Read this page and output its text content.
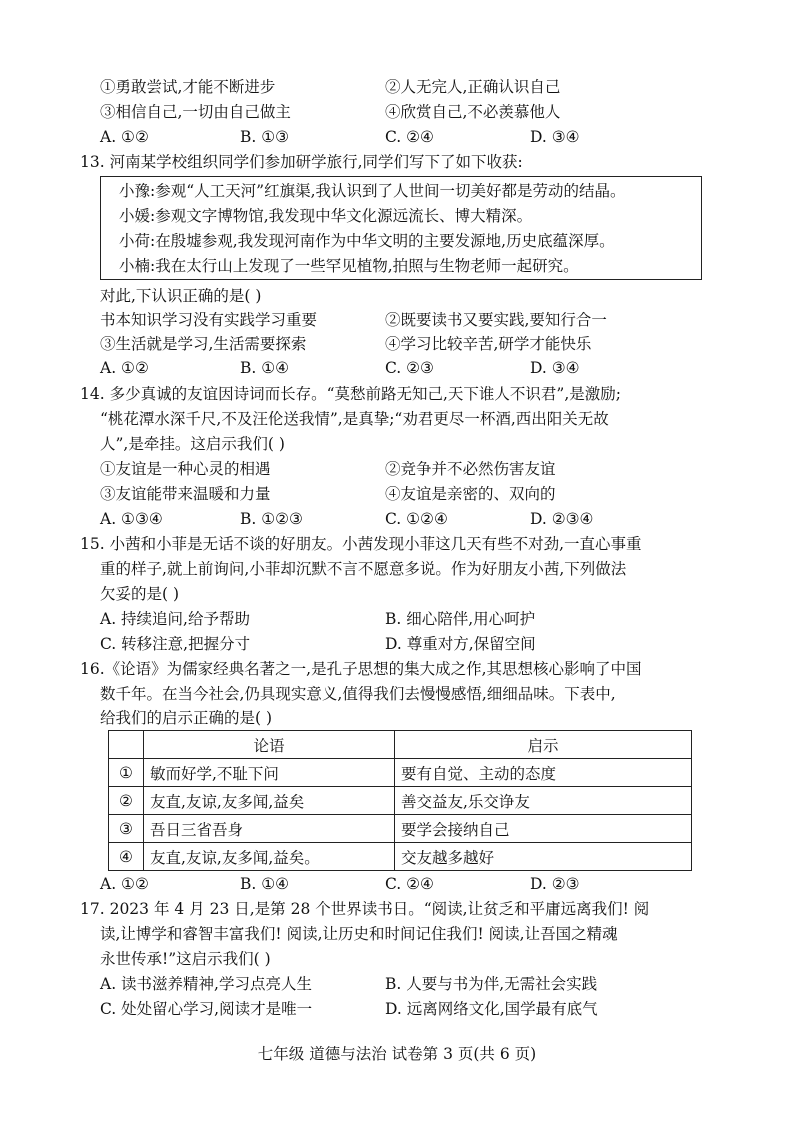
①勇敢尝试,才能不断进步	②人无完人,正确认识自己
③相信自己,一切由自己做主	④欣赏自己,不必羡慕他人
A. ①②	B. ①③	C. ②④	D. ③④
13. 河南某学校组织同学们参加研学旅行,同学们写下了如下收获:
小豫:参观“人工天河”红旗渠,我认识到了人世间一切美好都是劳动的结晶。
小媛:参观文字博物馆,我发现中华文化源远流长、博大精深。
小荷:在殷墟参观,我发现河南作为中华文明的主要发源地,历史底蕴深厚。
小楠:我在太行山上发现了一些罕见植物,拍照与生物老师一起研究。
对此,下认识正确的是( )
书本知识学习没有实践学习重要	②既要读书又要实践,要知行合一
③生活就是学习,生活需要探索	④学习比较辛苦,研学才能快乐
A. ①②	B. ①④	C. ②③	D. ③④
14. 多少真诚的友谊因诗词而长存。“莫愁前路无知己,天下谁人不识君”,是激励;
“桃花潭水深千尺,不及汪伦送我情”,是真挚;“劝君更尽一杯酒,西出阳关无故
人”,是牵挂。这启示我们( )
①友谊是一种心灵的相遇	②竞争并不必然伤害友谊
③友谊能带来温暖和力量	④友谊是亲密的、双向的
A. ①③④	B. ①②③	C. ①②④	D. ②③④
15. 小茜和小菲是无话不谈的好朋友。小茜发现小菲这几天有些不对劲,一直心事重
重的样子,就上前询问,小菲却沉默不言不愿意多说。作为好朋友小茜,下列做法
欠妥的是( )
A. 持续追问,给予帮助	B. 细心陪伴,用心呵护
C. 转移注意,把握分寸	D. 尊重对方,保留空间
16.《论语》为儒家经典名著之一,是孔子思想的集大成之作,其思想核心影响了中国
数千年。在当今社会,仍具现实意义,值得我们去慢慢感悟,细细品味。下表中,
给我们的启示正确的是( )
	论语	启示
①	敏而好学,不耻下问	要有自觉、主动的态度
②	友直,友谅,友多闻,益矣	善交益友,乐交诤友
③	吾日三省吾身	要学会接纳自己
④	友直,友谅,友多闻,益矣。	交友越多越好
A. ①②	B. ①④	C. ②④	D. ②③
17. 2023 年 4 月 23 日,是第 28 个世界读书日。“阅读,让贫乏和平庸远离我们! 阅
读,让博学和睿智丰富我们! 阅读,让历史和时间记住我们! 阅读,让吾国之精魂
永世传承!”这启示我们( )
A. 读书滋养精神,学习点亮人生	B. 人要与书为伴,无需社会实践
C. 处处留心学习,阅读才是唯一	D. 远离网络文化,国学最有底气
七年级 道德与法治 试卷第 3 页(共 6 页)
